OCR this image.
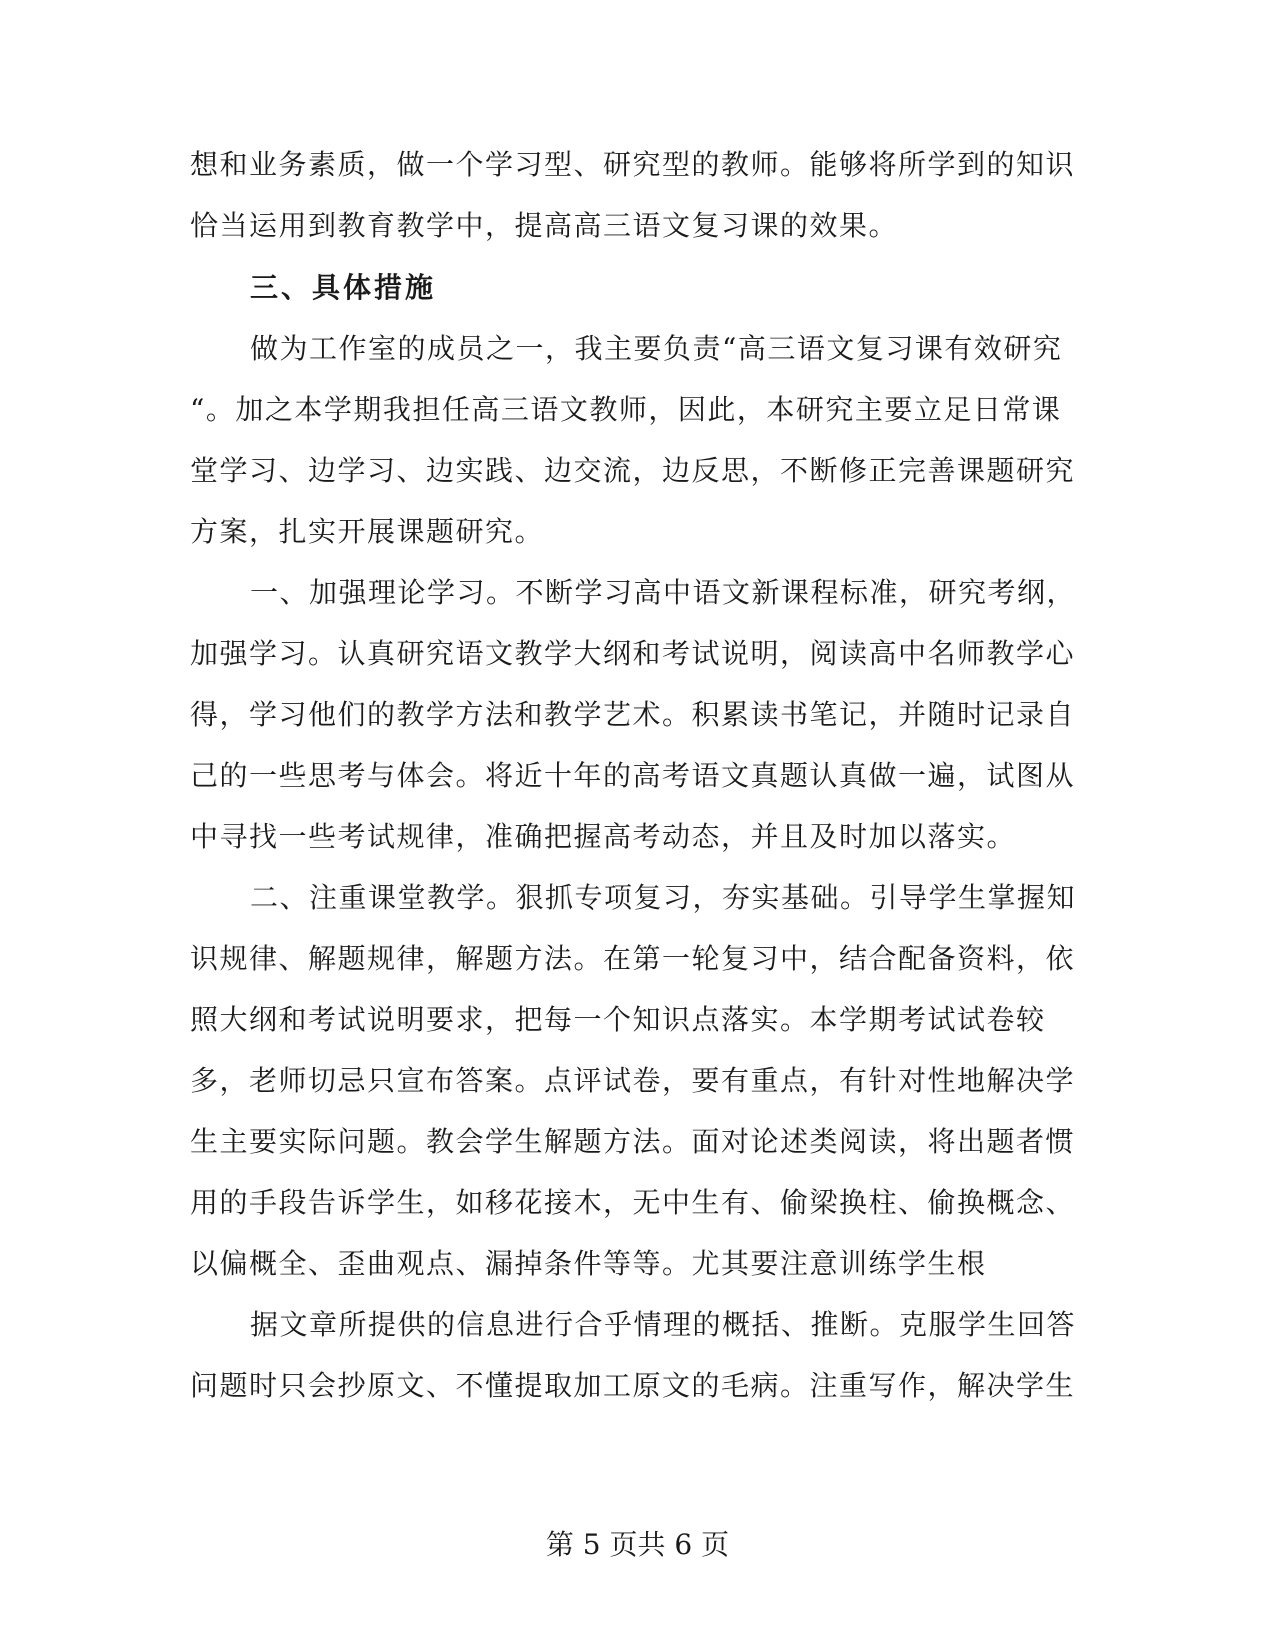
想和业务素质，做一个学习型、研究型的教师。能够将所学到的知识
恰当运用到教育教学中，提高高三语文复习课的效果。
三、具体措施
做为工作室的成员之一，我主要负责“高三语文复习课有效研究
“。加之本学期我担任高三语文教师，因此，本研究主要立足日常课
堂学习、边学习、边实践、边交流，边反思，不断修正完善课题研究
方案，扎实开展课题研究。
一、加强理论学习。不断学习高中语文新课程标准，研究考纲，
加强学习。认真研究语文教学大纲和考试说明，阅读高中名师教学心
得，学习他们的教学方法和教学艺术。积累读书笔记，并随时记录自
己的一些思考与体会。将近十年的高考语文真题认真做一遍，试图从
中寻找一些考试规律，准确把握高考动态，并且及时加以落实。
二、注重课堂教学。狠抓专项复习，夯实基础。引导学生掌握知
识规律、解题规律，解题方法。在第一轮复习中，结合配备资料，依
照大纲和考试说明要求，把每一个知识点落实。本学期考试试卷较
多，老师切忌只宣布答案。点评试卷，要有重点，有针对性地解决学
生主要实际问题。教会学生解题方法。面对论述类阅读，将出题者惯
用的手段告诉学生，如移花接木，无中生有、偷梁换柱、偷换概念、
以偏概全、歪曲观点、漏掉条件等等。尤其要注意训练学生根
据文章所提供的信息进行合乎情理的概括、推断。克服学生回答
问题时只会抄原文、不懂提取加工原文的毛病。注重写作，解决学生
第 5 页共 6 页
